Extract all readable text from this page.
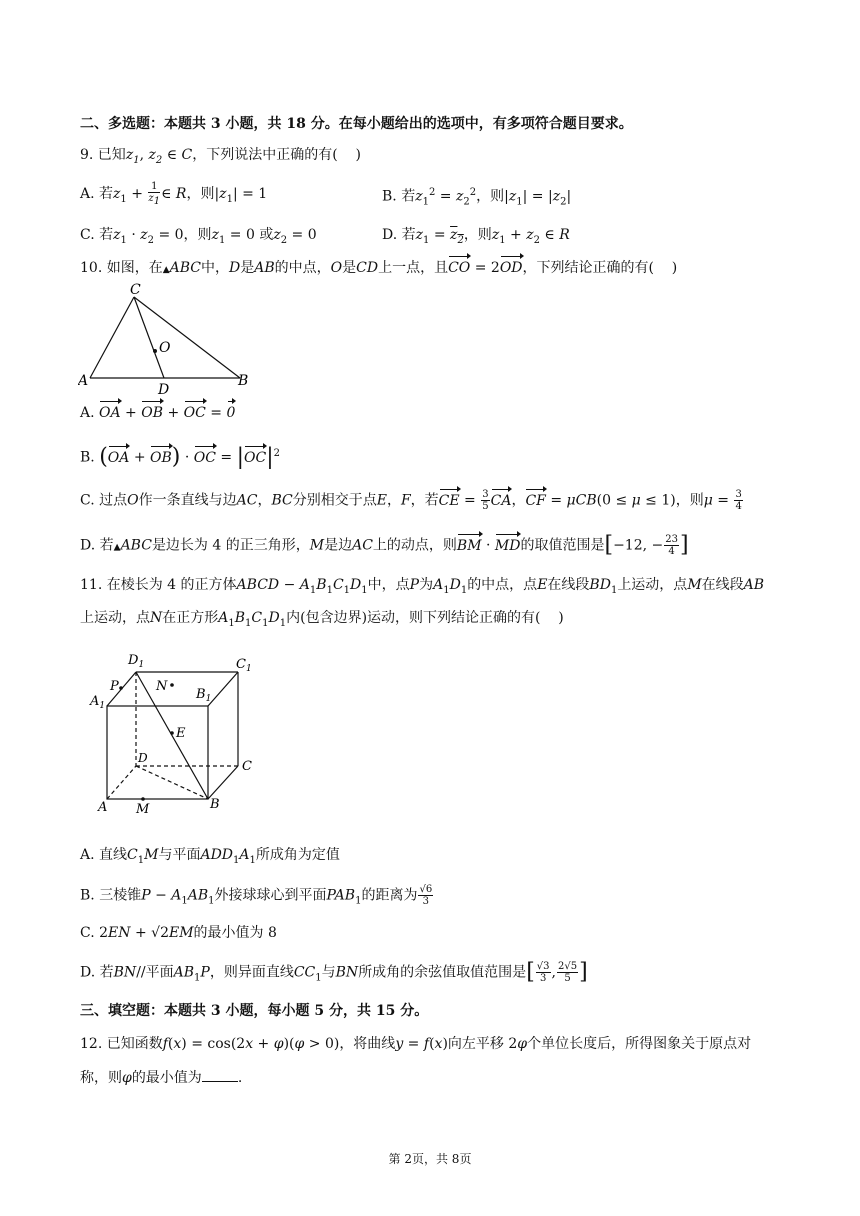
二、多选题：本题共 3 小题，共 18 分。在每小题给出的选项中，有多项符合题目要求。
9. 已知$z_1$, $z_2$ ∈ C，下列说法中正确的有(    )
A. 若$z_1 + \frac{1}{z_1}$ ∈ R，则$|z_1| = 1$	B. 若$z_1^2 = z_2^2$，则$|z_1| = |z_2|$
C. 若$z_1 \cdot z_2 = 0$，则$z_1 = 0$ 或$z_2 = 0$	D. 若$z_1 = z_2$，则$z_1 + z_2$ ∈ R
10. 如图，在▲ABC中，D是AB的中点，O是CD上一点，且CO = 2OD，下列结论正确的有(    )
C
O
A
D
B
A. OA + OB + OC = 0
B. (OA + OB) · OC = $|OC|^2$
C. 过点O作一条直线与边AC，BC分别相交于点E，F，若CE = $\frac{3}{5}$ CA，CF = μCB(0 ≤ μ ≤ 1)，则$\mu = \frac{3}{4}$
D. 若▲ABC是边长为 4 的正三角形，M是边AC上的动点，则BM · MD的取值范围是[−12, − $\frac{23}{4}$ ]
11. 在棱长为 4 的正方体ABCD − $A_1B_1C_1D_1$中，点P为$A_1D_1$的中点，点E在线段$BD_1$上运动，点M在线段AB
上运动，点N在正方形$A_1B_1C_1D_1$内(包含边界)运动，则下列结论正确的有(    )
$D_1$	$C_1$
P	N
$B_1$
$A_1$
E
D
C
A M	B
A. 直线$C_1M$与平面$ADD_1A_1$所成角为定值
B. 三棱锥$P - A_1AB_1$外接球球心到平面$PAB_1$的距离为 $\frac{√6}{3}$
C. 2EN + √2EM的最小值为 8
D. 若BN//平面$AB_1P$，则异面直线$CC_1$与BN所成角的余弦值取值范围是[ $\frac{√3}{3}$ , $\frac{2√5}{5}$ ]
三、填空题：本题共 3 小题，每小题 5 分，共 15 分。
12. 已知函数f(x) = cos(2x + φ)(φ > 0)，将曲线y = f(x)向左平移 2φ个单位长度后，所得图象关于原点对
称，则φ的最小值为	.
第 2页，共 8页
